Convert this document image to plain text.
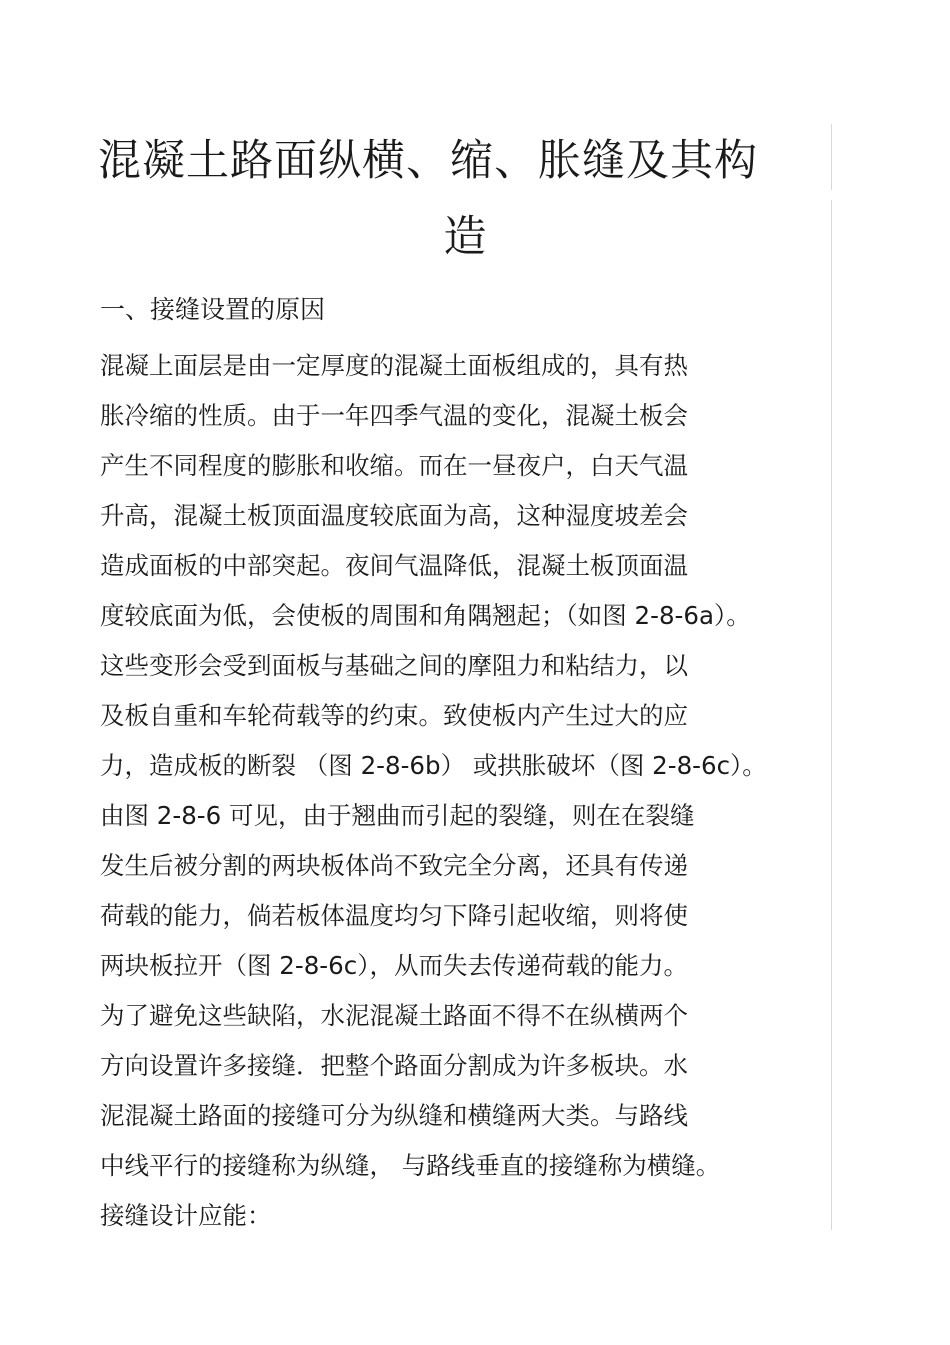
混凝土路面纵横、缩、胀缝及其构
造
一、接缝设置的原因
混凝上面层是由一定厚度的混凝土面板组成的，具有热
胀冷缩的性质。由于一年四季气温的变化，混凝土板会
产生不同程度的膨胀和收缩。而在一昼夜户，白天气温
升高，混凝土板顶面温度较底面为高，这种湿度坡差会
造成面板的中部突起。夜间气温降低，混凝土板顶面温
度较底面为低，会使板的周围和角隅翘起；（如图 2-8-6a）。
这些变形会受到面板与基础之间的摩阻力和粘结力，以
及板自重和车轮荷载等的约束。致使板内产生过大的应
力，造成板的断裂 （图 2-8-6b） 或拱胀破坏（图 2-8-6c）。
由图 2-8-6 可见，由于翘曲而引起的裂缝，则在在裂缝
发生后被分割的两块板体尚不致完全分离，还具有传递
荷载的能力，倘若板体温度均匀下降引起收缩，则将使
两块板拉开（图 2-8-6c），从而失去传递荷载的能力。
为了避免这些缺陷，水泥混凝土路面不得不在纵横两个
方向设置许多接缝．把整个路面分割成为许多板块。水
泥混凝土路面的接缝可分为纵缝和横缝两大类。与路线
中线平行的接缝称为纵缝， 与路线垂直的接缝称为横缝。
接缝设计应能：
